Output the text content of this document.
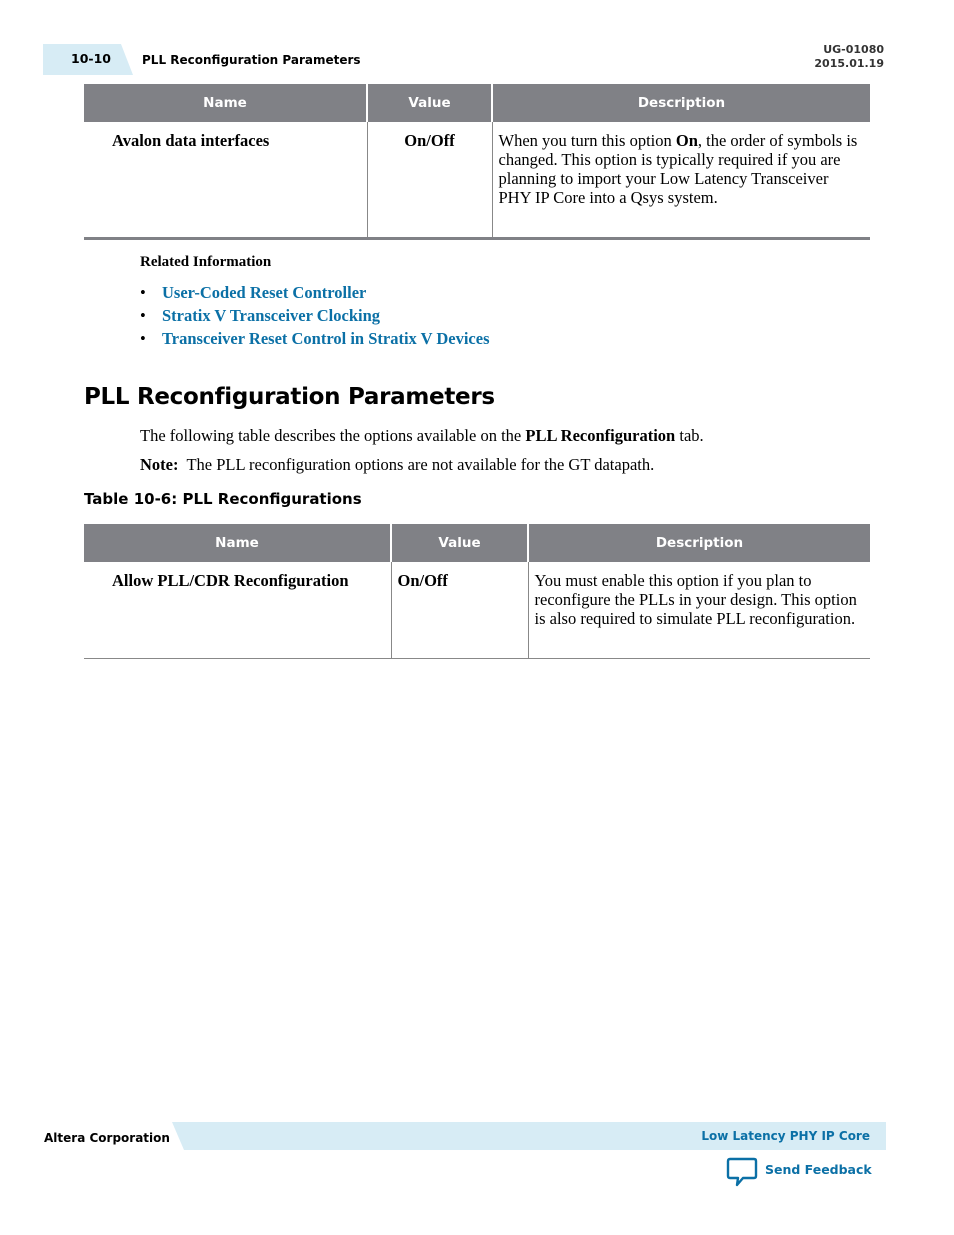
10-10	PLL Reconfiguration Parameters
UG-01080
2015.01.19
Name	Value	Description
Avalon data interfaces	On/Off	When you turn this option On, the order of symbols is changed. This option is typically required if you are planning to import your Low Latency Transceiver PHY IP Core into a Qsys system.
Related Information
• User-Coded Reset Controller
• Stratix V Transceiver Clocking
• Transceiver Reset Control in Stratix V Devices
PLL Reconfiguration Parameters
The following table describes the options available on the PLL Reconfiguration tab.
Note: The PLL reconfiguration options are not available for the GT datapath.
Table 10-6: PLL Reconfigurations
Name	Value	Description
Allow PLL/CDR Reconfiguration	On/Off	You must enable this option if you plan to reconfigure the PLLs in your design. This option is also required to simulate PLL reconfiguration.
Altera Corporation	Low Latency PHY IP Core
Send Feedback
